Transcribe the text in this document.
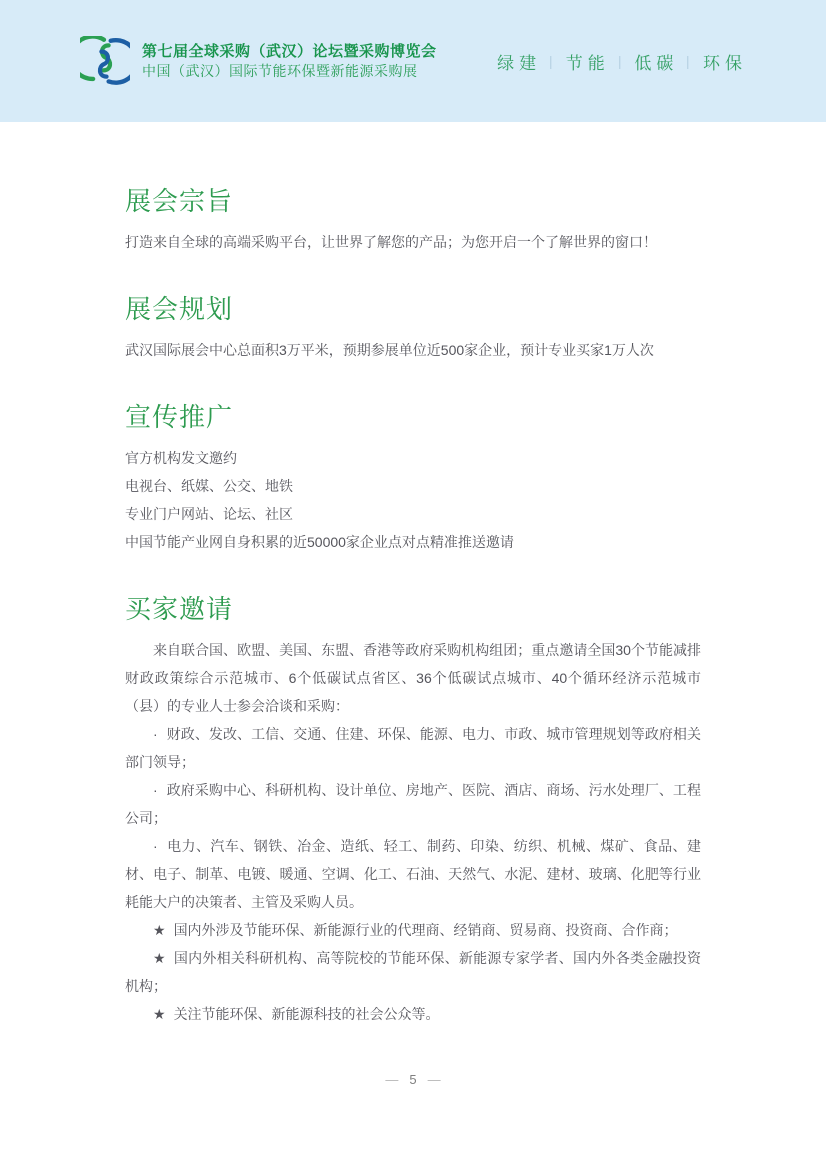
第七届全球采购（武汉）论坛暨采购博览会
中国（武汉）国际节能环保暨新能源采购展	绿建 | 节能 | 低碳 | 环保
展会宗旨

打造来自全球的高端采购平台，让世界了解您的产品；为您开启一个了解世界的窗口！

展会规划

武汉国际展会中心总面积3万平米，预期参展单位近500家企业，预计专业买家1万人次

宣传推广

官方机构发文邀约

电视台、纸媒、公交、地铁

专业门户网站、论坛、社区

中国节能产业网自身积累的近50000家企业点对点精准推送邀请

买家邀请

来自联合国、欧盟、美国、东盟、香港等政府采购机构组团；重点邀请全国30个节能减排财政政策综合示范城市、6个低碳试点省区、36个低碳试点城市、40个循环经济示范城市（县）的专业人士参会洽谈和采购：

· 财政、发改、工信、交通、住建、环保、能源、电力、市政、城市管理规划等政府相关部门领导；

· 政府采购中心、科研机构、设计单位、房地产、医院、酒店、商场、污水处理厂、工程公司；

· 电力、汽车、钢铁、冶金、造纸、轻工、制药、印染、纺织、机械、煤矿、食品、建材、电子、制革、电镀、暖通、空调、化工、石油、天然气、水泥、建材、玻璃、化肥等行业耗能大户的决策者、主管及采购人员。

★ 国内外涉及节能环保、新能源行业的代理商、经销商、贸易商、投资商、合作商；

★ 国内外相关科研机构、高等院校的节能环保、新能源专家学者、国内外各类金融投资机构；

★ 关注节能环保、新能源科技的社会公众等。

— 5 —
